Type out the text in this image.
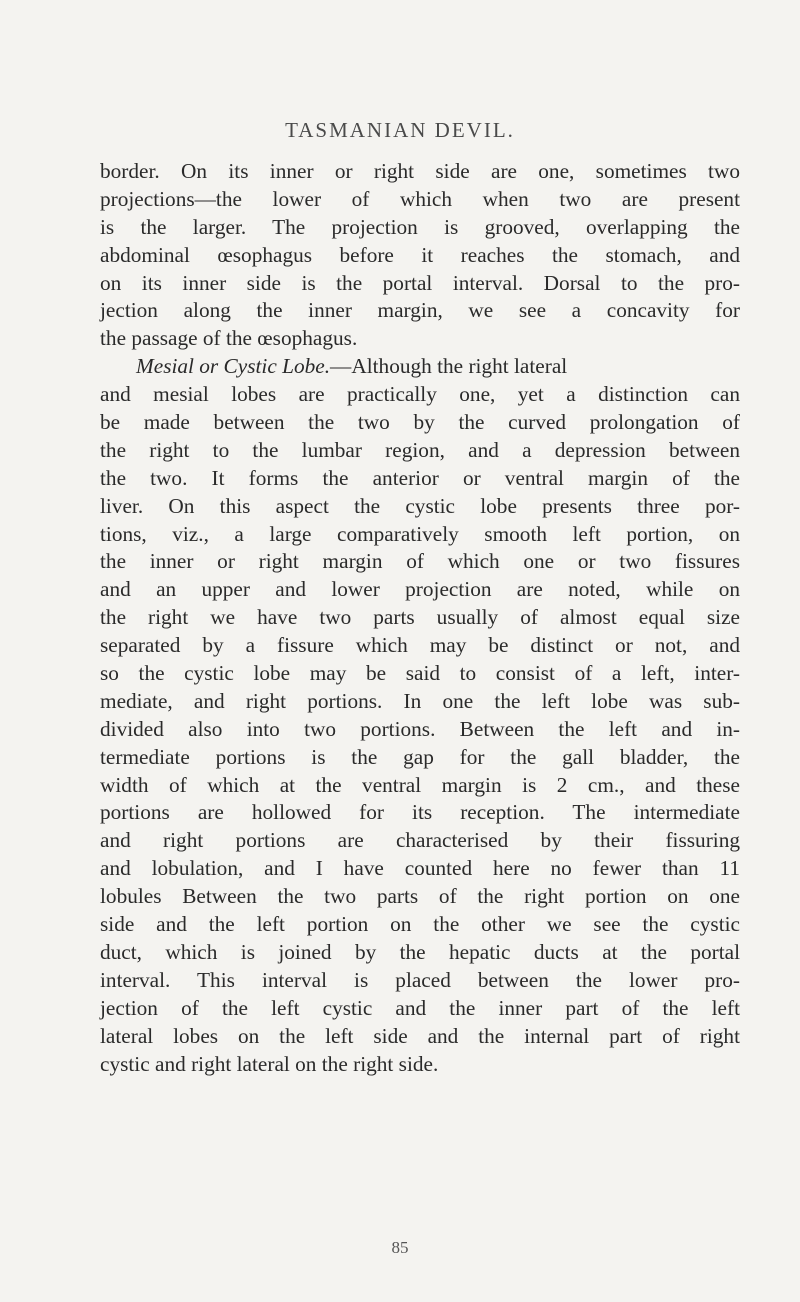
TASMANIAN DEVIL.
border. On its inner or right side are one, sometimes two
projections—the lower of which when two are present
is the larger. The projection is grooved, overlapping the
abdominal œsophagus before it reaches the stomach, and
on its inner side is the portal interval. Dorsal to the pro-
jection along the inner margin, we see a concavity for
the passage of the œsophagus.
Mesial or Cystic Lobe.—Although the right lateral
and mesial lobes are practically one, yet a distinction can
be made between the two by the curved prolongation of
the right to the lumbar region, and a depression between
the two. It forms the anterior or ventral margin of the
liver. On this aspect the cystic lobe presents three por-
tions, viz., a large comparatively smooth left portion, on
the inner or right margin of which one or two fissures
and an upper and lower projection are noted, while on
the right we have two parts usually of almost equal size
separated by a fissure which may be distinct or not, and
so the cystic lobe may be said to consist of a left, inter-
mediate, and right portions. In one the left lobe was sub-
divided also into two portions. Between the left and in-
termediate portions is the gap for the gall bladder, the
width of which at the ventral margin is 2 cm., and these
portions are hollowed for its reception. The intermediate
and right portions are characterised by their fissuring
and lobulation, and I have counted here no fewer than 11
lobules Between the two parts of the right portion on one
side and the left portion on the other we see the cystic
duct, which is joined by the hepatic ducts at the portal
interval. This interval is placed between the lower pro-
jection of the left cystic and the inner part of the left
lateral lobes on the left side and the internal part of right
cystic and right lateral on the right side.
85
